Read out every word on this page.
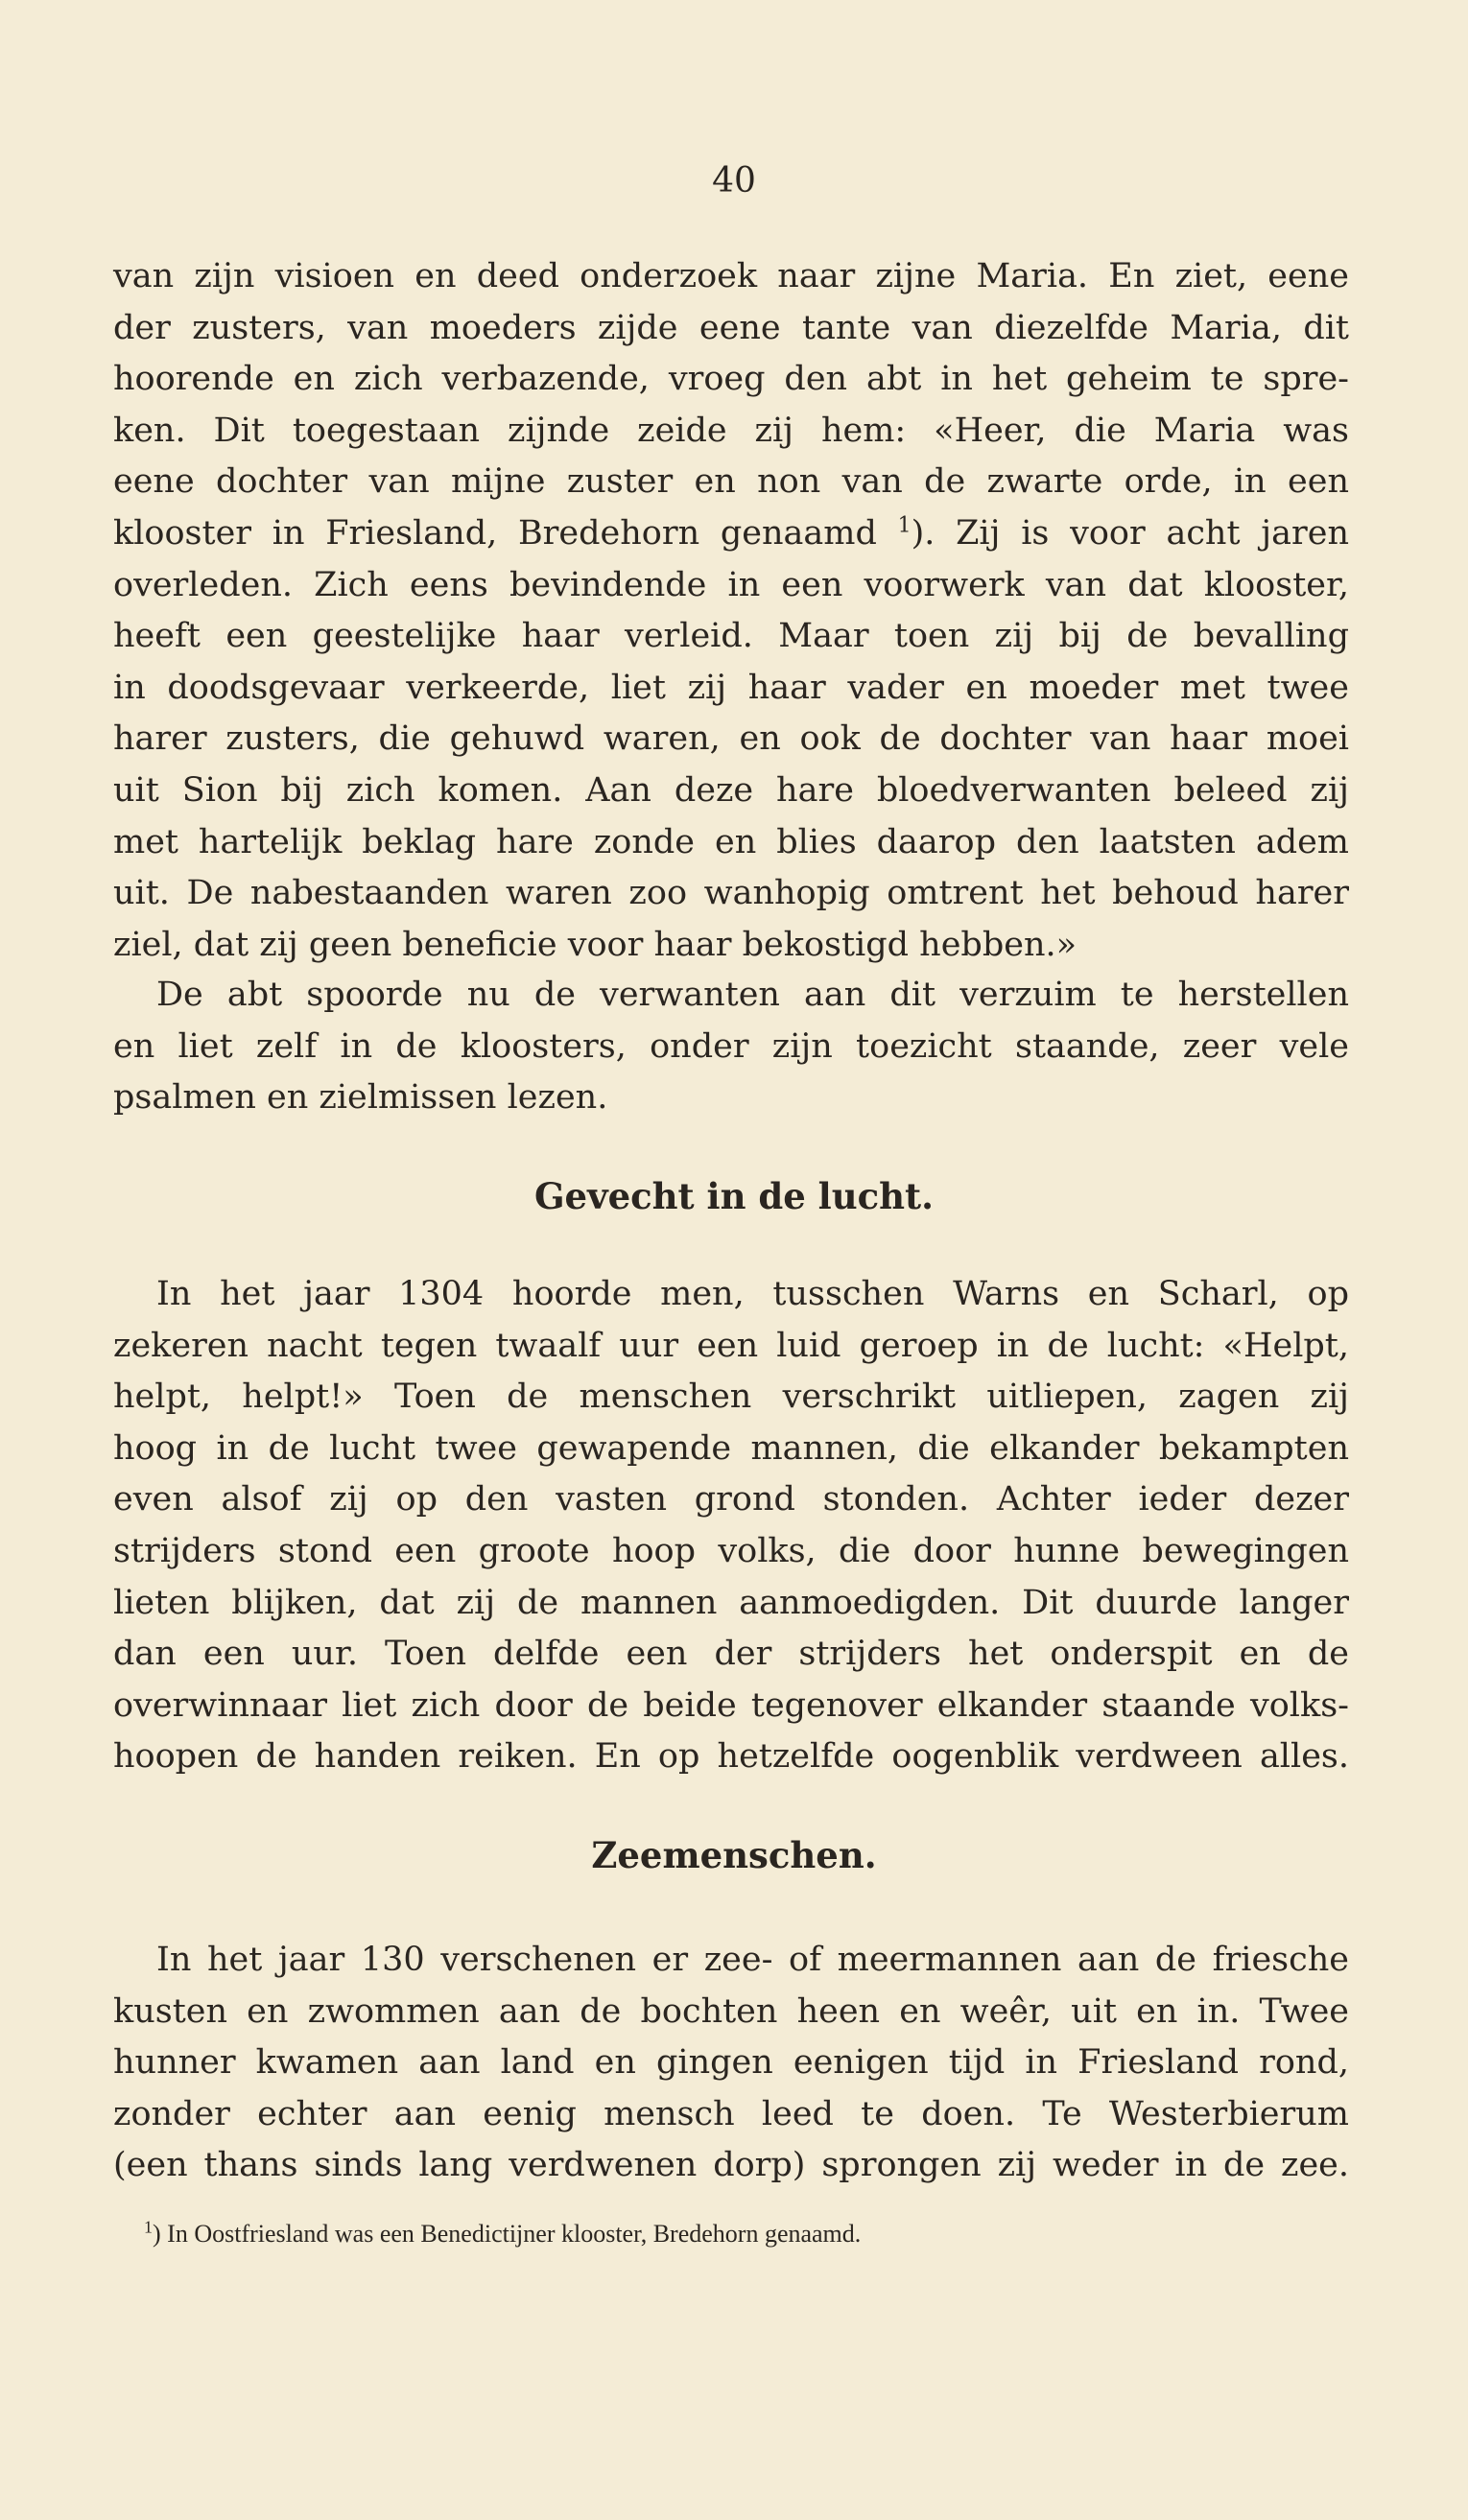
40
van zijn visioen en deed onderzoek naar zijne Maria. En ziet, eene
der zusters, van moeders zijde eene tante van diezelfde Maria, dit
hoorende en zich verbazende, vroeg den abt in het geheim te spre-
ken. Dit toegestaan zijnde zeide zij hem: «Heer, die Maria was
eene dochter van mijne zuster en non van de zwarte orde, in een
klooster in Friesland, Bredehorn genaamd $^1$). Zij is voor acht jaren
overleden. Zich eens bevindende in een voorwerk van dat klooster,
heeft een geestelijke haar verleid. Maar toen zij bij de bevalling
in doodsgevaar verkeerde, liet zij haar vader en moeder met twee
harer zusters, die gehuwd waren, en ook de dochter van haar moei
uit Sion bij zich komen. Aan deze hare bloedverwanten beleed zij
met hartelijk beklag hare zonde en blies daarop den laatsten adem
uit. De nabestaanden waren zoo wanhopig omtrent het behoud harer
ziel, dat zij geen beneficie voor haar bekostigd hebben.»
De abt spoorde nu de verwanten aan dit verzuim te herstellen
en liet zelf in de kloosters, onder zijn toezicht staande, zeer vele
psalmen en zielmissen lezen.
Gevecht in de lucht.
In het jaar 1304 hoorde men, tusschen Warns en Scharl, op
zekeren nacht tegen twaalf uur een luid geroep in de lucht: «Helpt,
helpt, helpt!» Toen de menschen verschrikt uitliepen, zagen zij
hoog in de lucht twee gewapende mannen, die elkander bekampten
even alsof zij op den vasten grond stonden. Achter ieder dezer
strijders stond een groote hoop volks, die door hunne bewegingen
lieten blijken, dat zij de mannen aanmoedigden. Dit duurde langer
dan een uur. Toen delfde een der strijders het onderspit en de
overwinnaar liet zich door de beide tegenover elkander staande volks-
hoopen de handen reiken. En op hetzelfde oogenblik verdween alles.
Zeemenschen.
In het jaar 130 verschenen er zee- of meermannen aan de friesche
kusten en zwommen aan de bochten heen en weêr, uit en in. Twee
hunner kwamen aan land en gingen eenigen tijd in Friesland rond,
zonder echter aan eenig mensch leed te doen. Te Westerbierum
(een thans sinds lang verdwenen dorp) sprongen zij weder in de zee.
$^1$) In Oostfriesland was een Benedictijner klooster, Bredehorn genaamd.
